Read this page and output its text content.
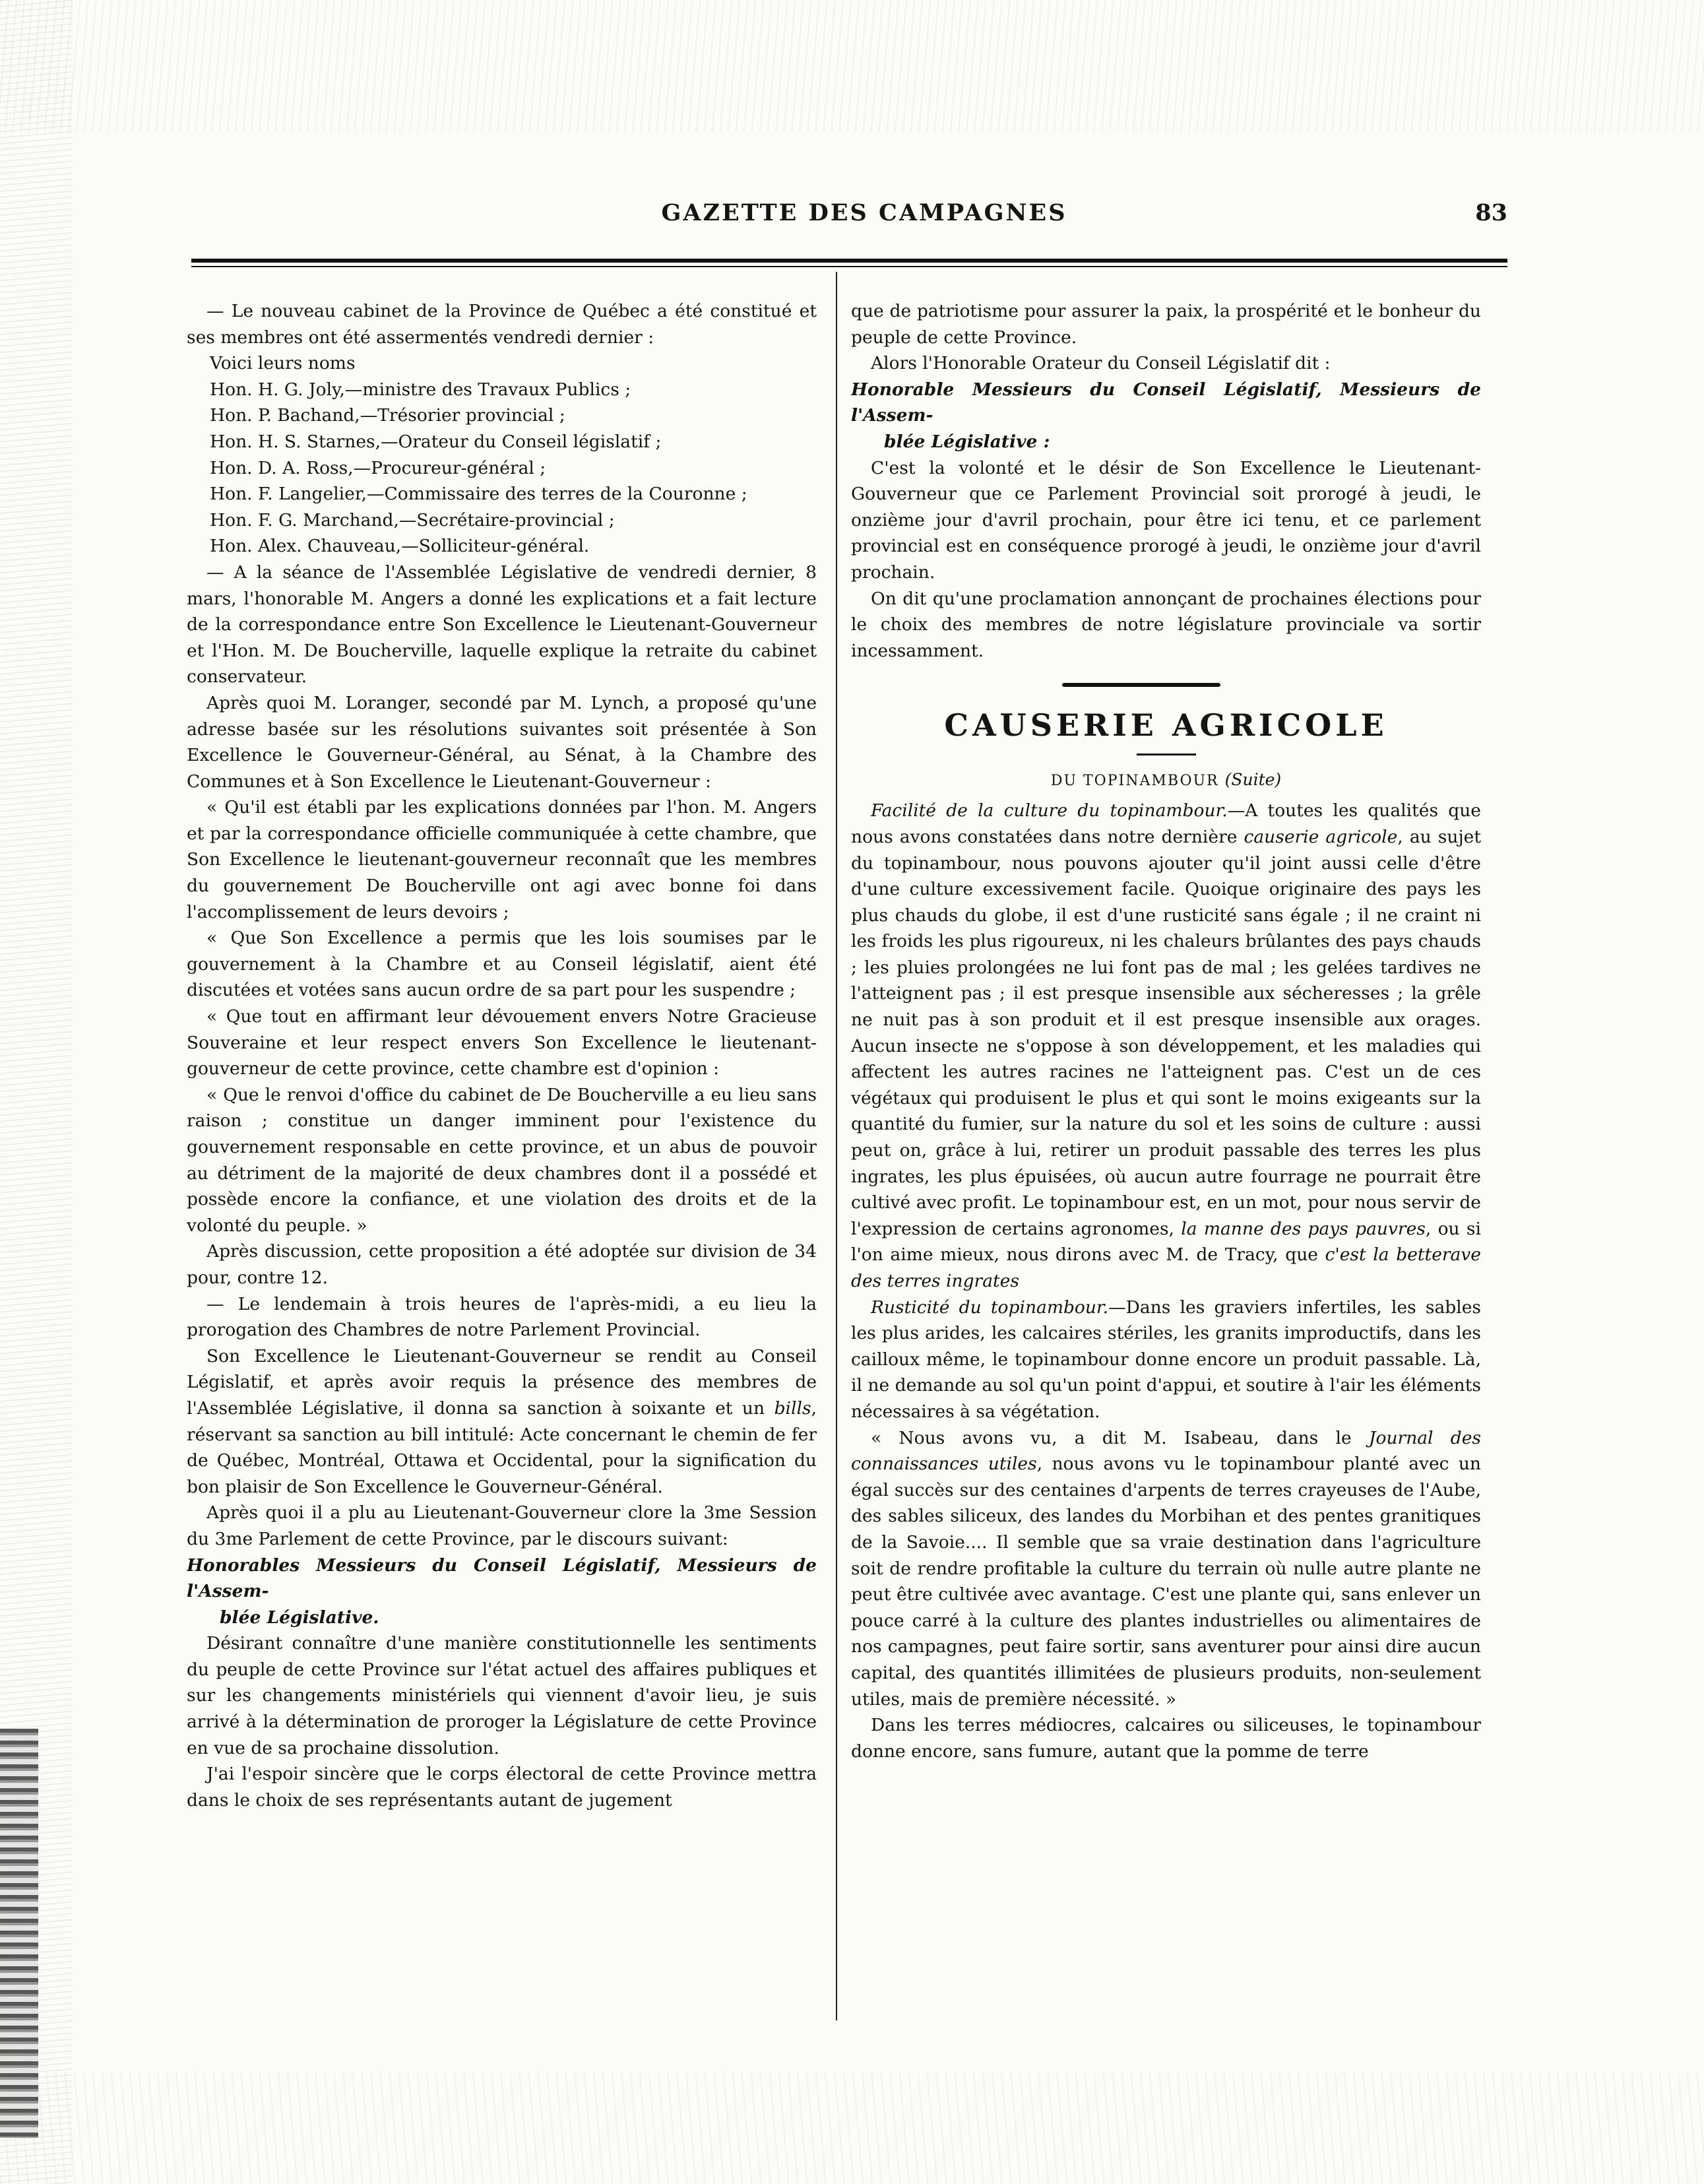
GAZETTE DES CAMPAGNES	83

— Le nouveau cabinet de la Province de Québec a été constitué et ses membres ont été assermentés vendredi dernier :

Voici leurs noms

Hon. H. G. Joly,—ministre des Travaux Publics ;

Hon. P. Bachand,—Trésorier provincial ;

Hon. H. S. Starnes,—Orateur du Conseil législatif ;

Hon. D. A. Ross,—Procureur-général ;

Hon. F. Langelier,—Commissaire des terres de la Couronne ;

Hon. F. G. Marchand,—Secrétaire-provincial ;

Hon. Alex. Chauveau,—Solliciteur-général.

— A la séance de l'Assemblée Législative de vendredi dernier, 8 mars, l'honorable M. Angers a donné les explications et a fait lecture de la correspondance entre Son Excellence le Lieutenant-Gouverneur et l'Hon. M. De Boucherville, laquelle explique la retraite du cabinet conservateur.

Après quoi M. Loranger, secondé par M. Lynch, a proposé qu'une adresse basée sur les résolutions suivantes soit présentée à Son Excellence le Gouverneur-Général, au Sénat, à la Chambre des Communes et à Son Excellence le Lieutenant-Gouverneur :

« Qu'il est établi par les explications données par l'hon. M. Angers et par la correspondance officielle communiquée à cette chambre, que Son Excellence le lieutenant-gouverneur reconnaît que les membres du gouvernement De Boucherville ont agi avec bonne foi dans l'accomplissement de leurs devoirs ;

« Que Son Excellence a permis que les lois soumises par le gouvernement à la Chambre et au Conseil législatif, aient été discutées et votées sans aucun ordre de sa part pour les suspendre ;

« Que tout en affirmant leur dévouement envers Notre Gracieuse Souveraine et leur respect envers Son Excellence le lieutenant-gouverneur de cette province, cette chambre est d'opinion :

« Que le renvoi d'office du cabinet de De Boucherville a eu lieu sans raison ; constitue un danger imminent pour l'existence du gouvernement responsable en cette province, et un abus de pouvoir au détriment de la majorité de deux chambres dont il a possédé et possède encore la confiance, et une violation des droits et de la volonté du peuple. »

Après discussion, cette proposition a été adoptée sur division de 34 pour, contre 12.

— Le lendemain à trois heures de l'après-midi, a eu lieu la prorogation des Chambres de notre Parlement Provincial.

Son Excellence le Lieutenant-Gouverneur se rendit au Conseil Législatif, et après avoir requis la présence des membres de l'Assemblée Législative, il donna sa sanction à soixante et un bills, réservant sa sanction au bill intitulé: Acte concernant le chemin de fer de Québec, Montréal, Ottawa et Occidental, pour la signification du bon plaisir de Son Excellence le Gouverneur-Général.

Après quoi il a plu au Lieutenant-Gouverneur clore la 3me Session du 3me Parlement de cette Province, par le discours suivant:

Honorables Messieurs du Conseil Législatif, Messieurs de l'Assem-
blée Législative.

Désirant connaître d'une manière constitutionnelle les sentiments du peuple de cette Province sur l'état actuel des affaires publiques et sur les changements ministériels qui viennent d'avoir lieu, je suis arrivé à la détermination de proroger la Législature de cette Province en vue de sa prochaine dissolution.

J'ai l'espoir sincère que le corps électoral de cette Province mettra dans le choix de ses représentants autant de jugement

que de patriotisme pour assurer la paix, la prospérité et le bonheur du peuple de cette Province.

Alors l'Honorable Orateur du Conseil Législatif dit :

Honorable Messieurs du Conseil Législatif, Messieurs de l'Assem-
blée Législative :

C'est la volonté et le désir de Son Excellence le Lieutenant-Gouverneur que ce Parlement Provincial soit prorogé à jeudi, le onzième jour d'avril prochain, pour être ici tenu, et ce parlement provincial est en conséquence prorogé à jeudi, le onzième jour d'avril prochain.

On dit qu'une proclamation annonçant de prochaines élections pour le choix des membres de notre législature provinciale va sortir incessamment.

CAUSERIE AGRICOLE
DU TOPINAMBOUR (Suite)

Facilité de la culture du topinambour.—A toutes les qualités que nous avons constatées dans notre dernière causerie agricole, au sujet du topinambour, nous pouvons ajouter qu'il joint aussi celle d'être d'une culture excessivement facile. Quoique originaire des pays les plus chauds du globe, il est d'une rusticité sans égale ; il ne craint ni les froids les plus rigoureux, ni les chaleurs brûlantes des pays chauds ; les pluies prolongées ne lui font pas de mal ; les gelées tardives ne l'atteignent pas ; il est presque insensible aux sécheresses ; la grêle ne nuit pas à son produit et il est presque insensible aux orages. Aucun insecte ne s'oppose à son développement, et les maladies qui affectent les autres racines ne l'atteignent pas. C'est un de ces végétaux qui produisent le plus et qui sont le moins exigeants sur la quantité du fumier, sur la nature du sol et les soins de culture : aussi peut on, grâce à lui, retirer un produit passable des terres les plus ingrates, les plus épuisées, où aucun autre fourrage ne pourrait être cultivé avec profit. Le topinambour est, en un mot, pour nous servir de l'expression de certains agronomes, la manne des pays pauvres, ou si l'on aime mieux, nous dirons avec M. de Tracy, que c'est la betterave des terres ingrates

Rusticité du topinambour.—Dans les graviers infertiles, les sables les plus arides, les calcaires stériles, les granits improductifs, dans les cailloux même, le topinambour donne encore un produit passable. Là, il ne demande au sol qu'un point d'appui, et soutire à l'air les éléments nécessaires à sa végétation.

« Nous avons vu, a dit M. Isabeau, dans le Journal des connaissances utiles, nous avons vu le topinambour planté avec un égal succès sur des centaines d'arpents de terres crayeuses de l'Aube, des sables siliceux, des landes du Morbihan et des pentes granitiques de la Savoie.... Il semble que sa vraie destination dans l'agriculture soit de rendre profitable la culture du terrain où nulle autre plante ne peut être cultivée avec avantage. C'est une plante qui, sans enlever un pouce carré à la culture des plantes industrielles ou alimentaires de nos campagnes, peut faire sortir, sans aventurer pour ainsi dire aucun capital, des quantités illimitées de plusieurs produits, non-seulement utiles, mais de première nécessité. »

Dans les terres médiocres, calcaires ou siliceuses, le topinambour donne encore, sans fumure, autant que la pomme de terre
